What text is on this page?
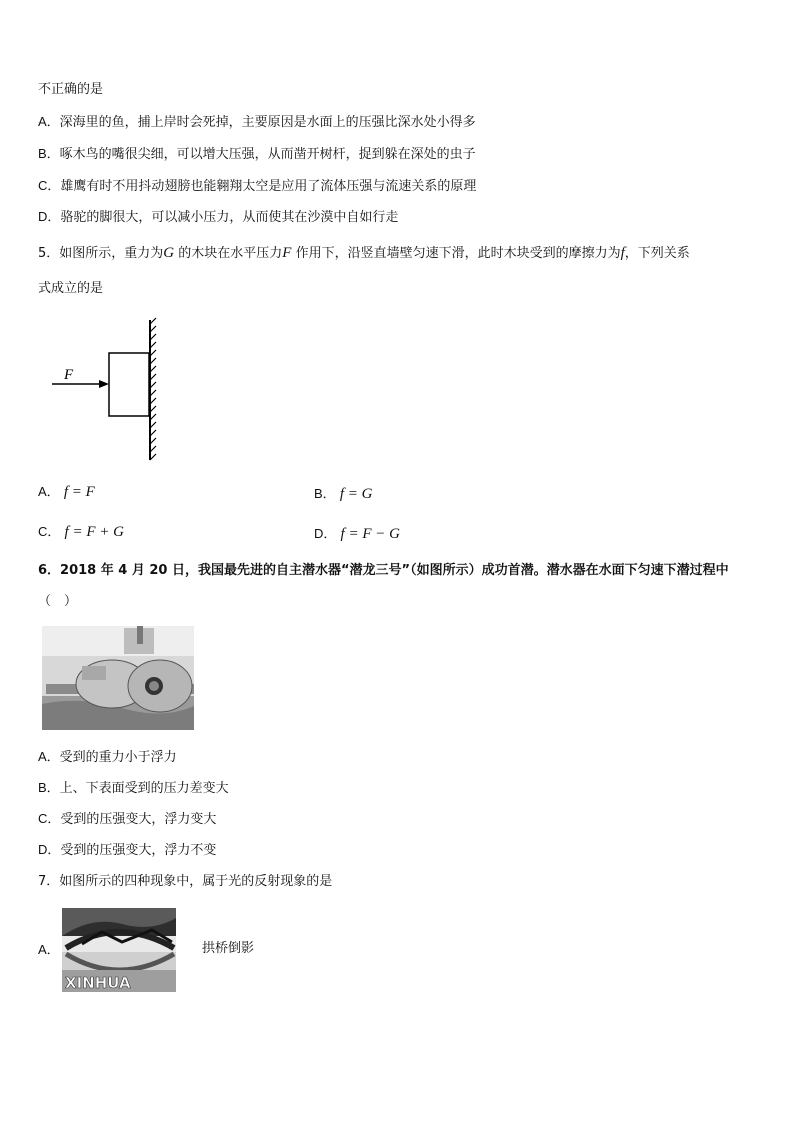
不正确的是
A．深海里的鱼，捕上岸时会死掉，主要原因是水面上的压强比深水处小得多
B．啄木鸟的嘴很尖细，可以增大压强，从而凿开树杆，捉到躲在深处的虫子
C．雄鹰有时不用抖动翅膀也能翱翔太空是应用了流体压强与流速关系的原理
D．骆驼的脚很大，可以减小压力，从而使其在沙漠中自如行走
5．如图所示，重力为G 的木块在水平压力F 作用下，沿竖直墙壁匀速下滑，此时木块受到的摩擦力为f，下列关系
式成立的是
F
A． f = F	B． f = G
C． f = F + G	D． f = F − G
6．2018 年 4 月 20 日，我国最先进的自主潜水器“潜龙三号”（如图所示）成功首潜。潜水器在水面下匀速下潜过程中
（　）
A．受到的重力小于浮力
B．上、下表面受到的压力差变大
C．受到的压强变大，浮力变大
D．受到的压强变大，浮力不变
7．如图所示的四种现象中，属于光的反射现象的是
A．
XINHUA
拱桥倒影
